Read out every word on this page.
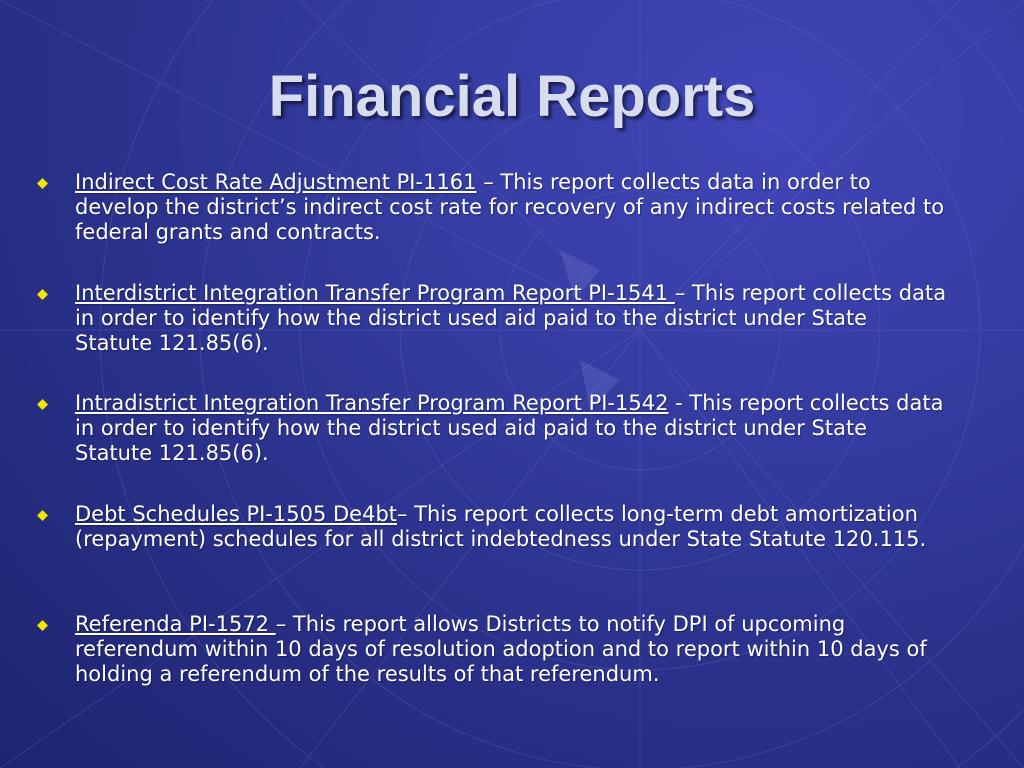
Financial Reports

Indirect Cost Rate Adjustment PI-1161 – This report collects data in order to develop the district’s indirect cost rate for recovery of any indirect costs related to federal grants and contracts.

Interdistrict Integration Transfer Program Report PI-1541 – This report collects data in order to identify how the district used aid paid to the district under State Statute 121.85(6).

Intradistrict Integration Transfer Program Report PI-1542 - This report collects data in order to identify how the district used aid paid to the district under State Statute 121.85(6).

Debt Schedules PI-1505 De4bt– This report collects long-term debt amortization (repayment) schedules for all district indebtedness under State Statute 120.115.

Referenda PI-1572 – This report allows Districts to notify DPI of upcoming referendum within 10 days of resolution adoption and to report within 10 days of holding a referendum of the results of that referendum.
